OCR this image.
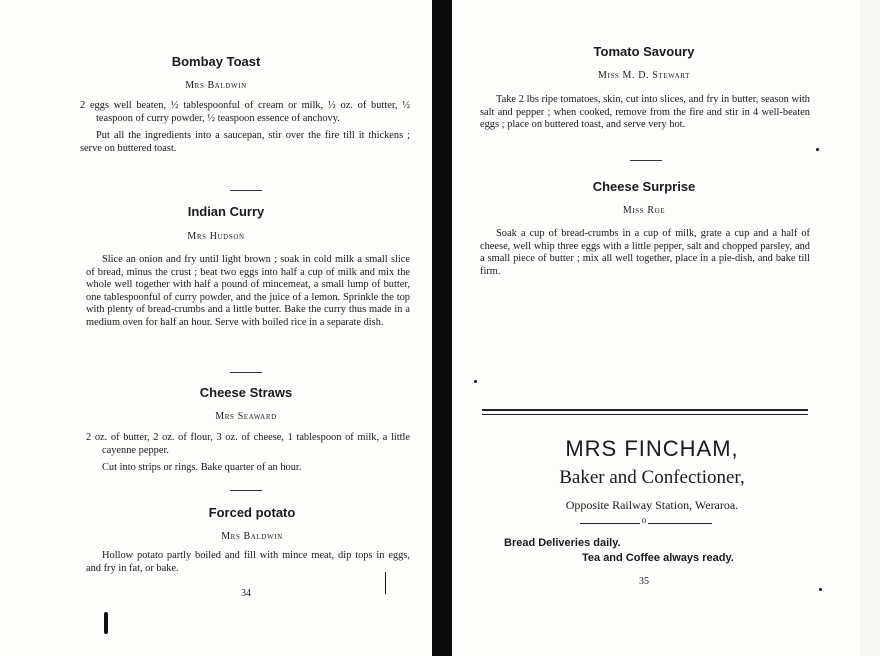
Bombay Toast
Mrs Baldwin

2 eggs well beaten, ½ tablespoonful of cream or milk, ½ oz. of butter, ½ teaspoon of curry powder, ½ teaspoon essence of anchovy.

Put all the ingredients into a saucepan, stir over the fire till it thickens ; serve on buttered toast.

Indian Curry
Mrs Hudson

Slice an onion and fry until light brown ; soak in cold milk a small slice of bread, minus the crust ; beat two eggs into half a cup of milk and mix the whole well together with half a pound of mincemeat, a small lump of butter, one tablespoonful of curry powder, and the juice of a lemon. Sprinkle the top with plenty of bread-crumbs and a little butter. Bake the curry thus made in a medium oven for half an hour. Serve with boiled rice in a separate dish.

Cheese Straws
Mrs Seaward

2 oz. of butter, 2 oz. of flour, 3 oz. of cheese, 1 tablespoon of milk, a little cayenne pepper.

Cut into strips or rings. Bake quarter of an hour.

Forced potato
Mrs Baldwin

Hollow potato partly boiled and fill with mince meat, dip tops in eggs, and fry in fat, or bake.

34
Tomato Savoury
Miss M. D. Stewart

Take 2 lbs ripe tomatoes, skin, cut into slices, and fry in butter, season with salt and pepper ; when cooked, remove from the fire and stir in 4 well-beaten eggs ; place on buttered toast, and serve very hot.

Cheese Surprise
Miss Roe

Soak a cup of bread-crumbs in a cup of milk, grate a cup and a half of cheese, well whip three eggs with a little pepper, salt and chopped parsley, and a small piece of butter ; mix all well together, place in a pie-dish, and bake till firm.

MRS FINCHAM,
Baker and Confectioner,
Opposite Railway Station, Weraroa.
o
Bread Deliveries daily.
Tea and Coffee always ready.
35
